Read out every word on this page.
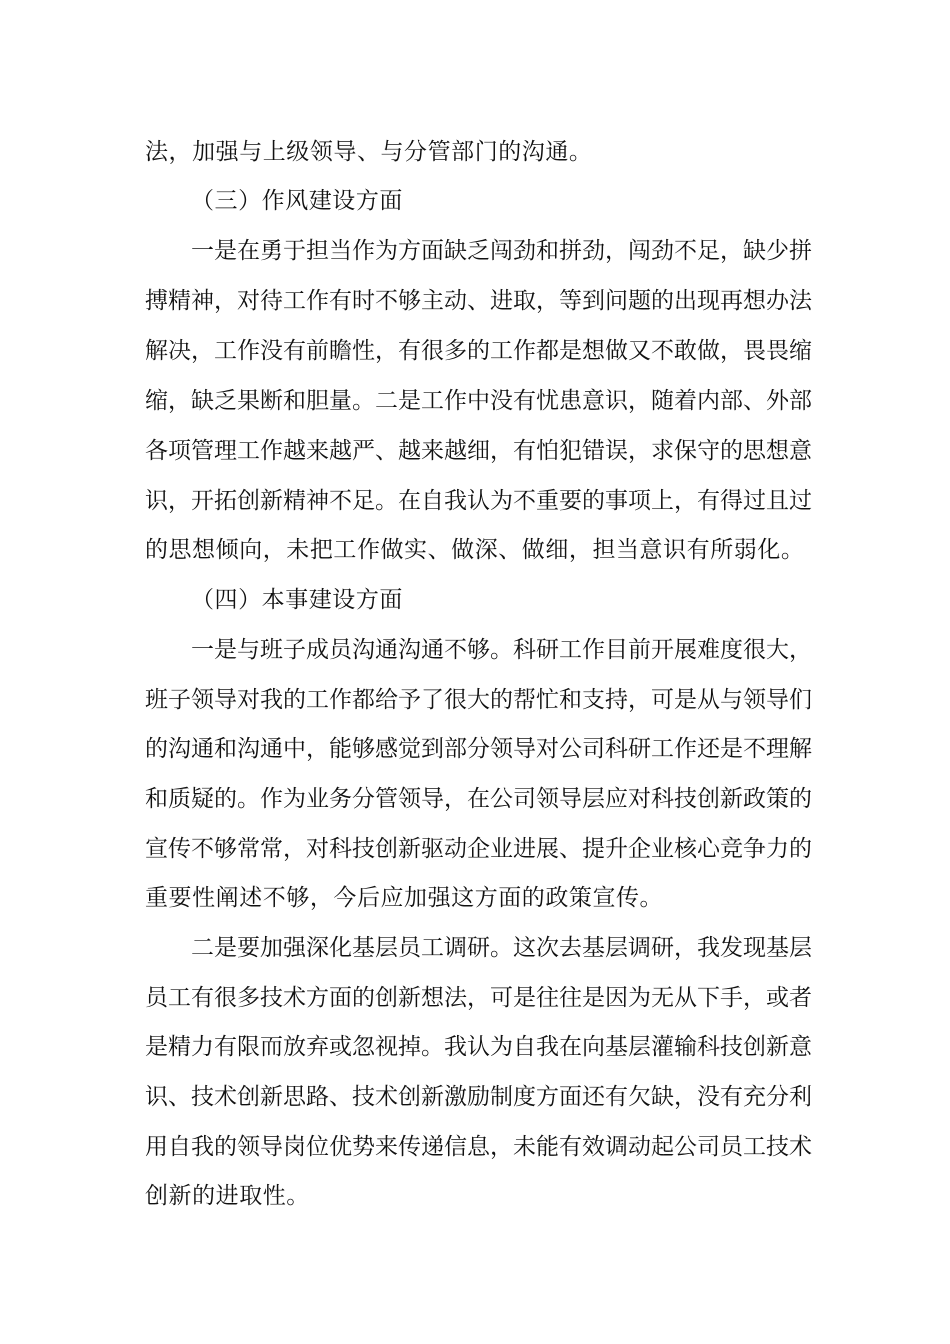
法，加强与上级领导、与分管部门的沟通。
（三）作风建设方面
一是在勇于担当作为方面缺乏闯劲和拼劲，闯劲不足，缺少拼
搏精神，对待工作有时不够主动、进取，等到问题的出现再想办法
解决，工作没有前瞻性，有很多的工作都是想做又不敢做，畏畏缩
缩，缺乏果断和胆量。二是工作中没有忧患意识，随着内部、外部
各项管理工作越来越严、越来越细，有怕犯错误，求保守的思想意
识，开拓创新精神不足。在自我认为不重要的事项上，有得过且过
的思想倾向，未把工作做实、做深、做细，担当意识有所弱化。
（四）本事建设方面
一是与班子成员沟通沟通不够。科研工作目前开展难度很大，
班子领导对我的工作都给予了很大的帮忙和支持，可是从与领导们
的沟通和沟通中，能够感觉到部分领导对公司科研工作还是不理解
和质疑的。作为业务分管领导，在公司领导层应对科技创新政策的
宣传不够常常，对科技创新驱动企业进展、提升企业核心竞争力的
重要性阐述不够，今后应加强这方面的政策宣传。
二是要加强深化基层员工调研。这次去基层调研，我发现基层
员工有很多技术方面的创新想法，可是往往是因为无从下手，或者
是精力有限而放弃或忽视掉。我认为自我在向基层灌输科技创新意
识、技术创新思路、技术创新激励制度方面还有欠缺，没有充分利
用自我的领导岗位优势来传递信息，未能有效调动起公司员工技术
创新的进取性。
